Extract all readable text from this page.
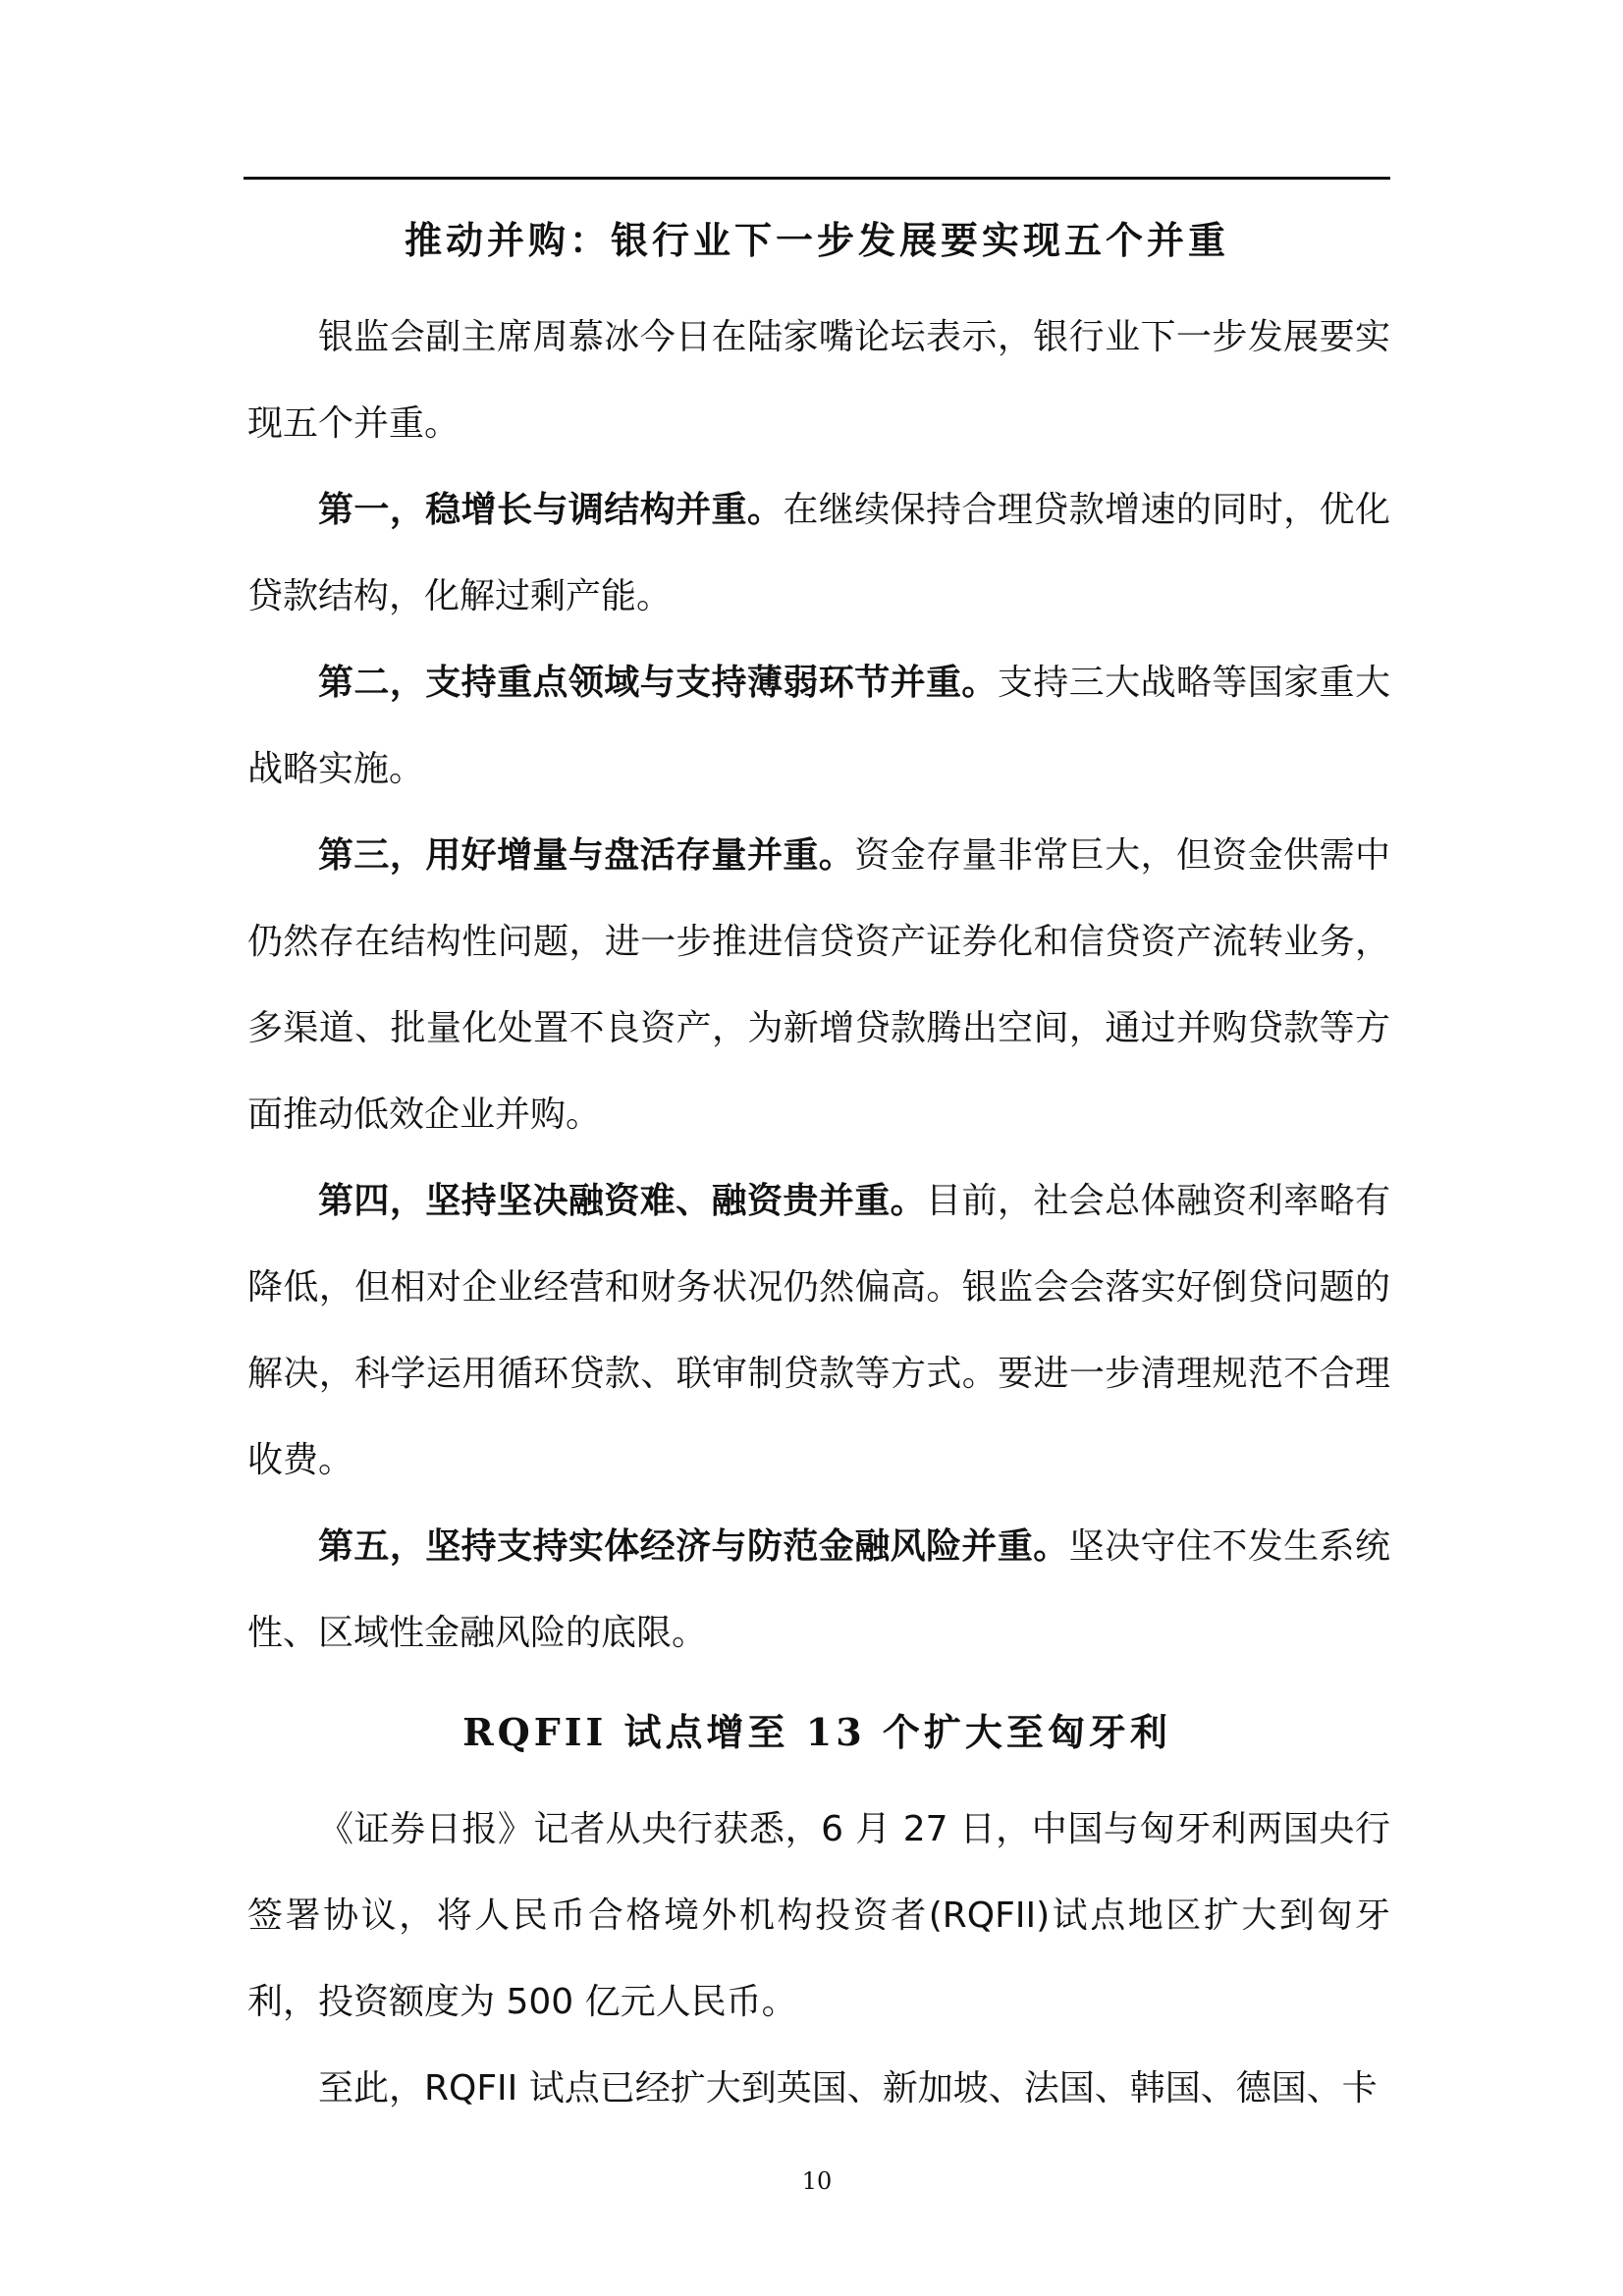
推动并购：银行业下一步发展要实现五个并重

银监会副主席周慕冰今日在陆家嘴论坛表示，银行业下一步发展要实现五个并重。

第一，稳增长与调结构并重。在继续保持合理贷款增速的同时，优化贷款结构，化解过剩产能。

第二，支持重点领域与支持薄弱环节并重。支持三大战略等国家重大战略实施。

第三，用好增量与盘活存量并重。资金存量非常巨大，但资金供需中仍然存在结构性问题，进一步推进信贷资产证券化和信贷资产流转业务，多渠道、批量化处置不良资产，为新增贷款腾出空间，通过并购贷款等方面推动低效企业并购。

第四，坚持坚决融资难、融资贵并重。目前，社会总体融资利率略有降低，但相对企业经营和财务状况仍然偏高。银监会会落实好倒贷问题的解决，科学运用循环贷款、联审制贷款等方式。要进一步清理规范不合理收费。

第五，坚持支持实体经济与防范金融风险并重。坚决守住不发生系统性、区域性金融风险的底限。

RQFII 试点增至 13 个扩大至匈牙利

《证券日报》记者从央行获悉，6 月 27 日，中国与匈牙利两国央行签署协议，将人民币合格境外机构投资者(RQFII)试点地区扩大到匈牙利，投资额度为 500 亿元人民币。

至此，RQFII 试点已经扩大到英国、新加坡、法国、韩国、德国、卡

10
